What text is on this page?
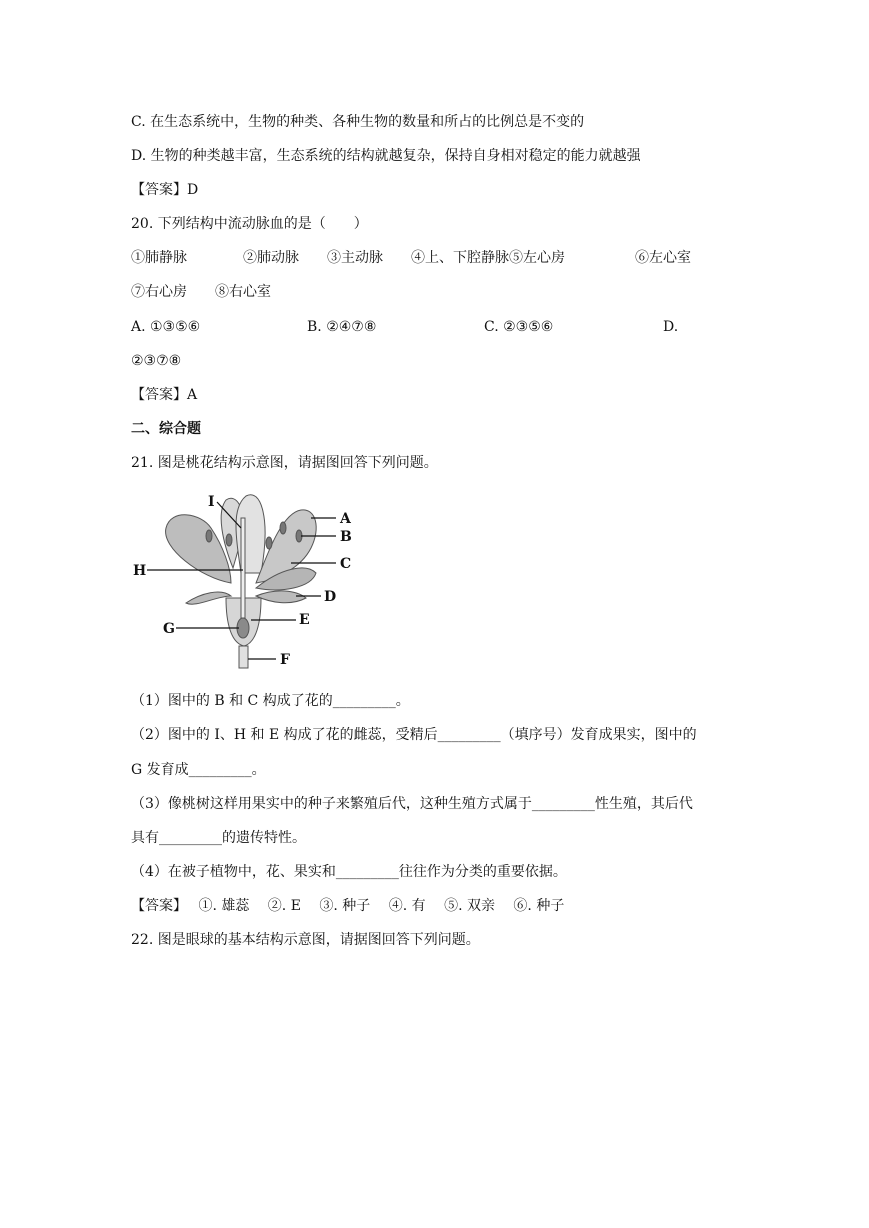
C. 在生态系统中，生物的种类、各种生物的数量和所占的比例总是不变的
D. 生物的种类越丰富，生态系统的结构就越复杂，保持自身相对稳定的能力就越强
【答案】D
20. 下列结构中流动脉血的是（　　）
①肺静脉　　　　②肺动脉　　③主动脉　　④上、下腔静脉⑤左心房　　　　　⑥左心室
⑦右心房　　⑧右心室
A. ①③⑤⑥	B. ②④⑦⑧	C. ②③⑤⑥	D.
②③⑦⑧
【答案】A
二、综合题
21. 图是桃花结构示意图，请据图回答下列问题。
I
A
B
C
H
D
E
G
F
（1）图中的 B 和 C 构成了花的_________。
（2）图中的 I、H 和 E 构成了花的雌蕊，受精后_________（填序号）发育成果实，图中的
G 发育成_________。
（3）像桃树这样用果实中的种子来繁殖后代，这种生殖方式属于_________性生殖，其后代
具有_________的遗传特性。
（4）在被子植物中，花、果实和_________往往作为分类的重要依据。
【答案】　 ①. 雄蕊　 ②. E　 ③. 种子　 ④. 有　 ⑤. 双亲　 ⑥. 种子
22. 图是眼球的基本结构示意图，请据图回答下列问题。
